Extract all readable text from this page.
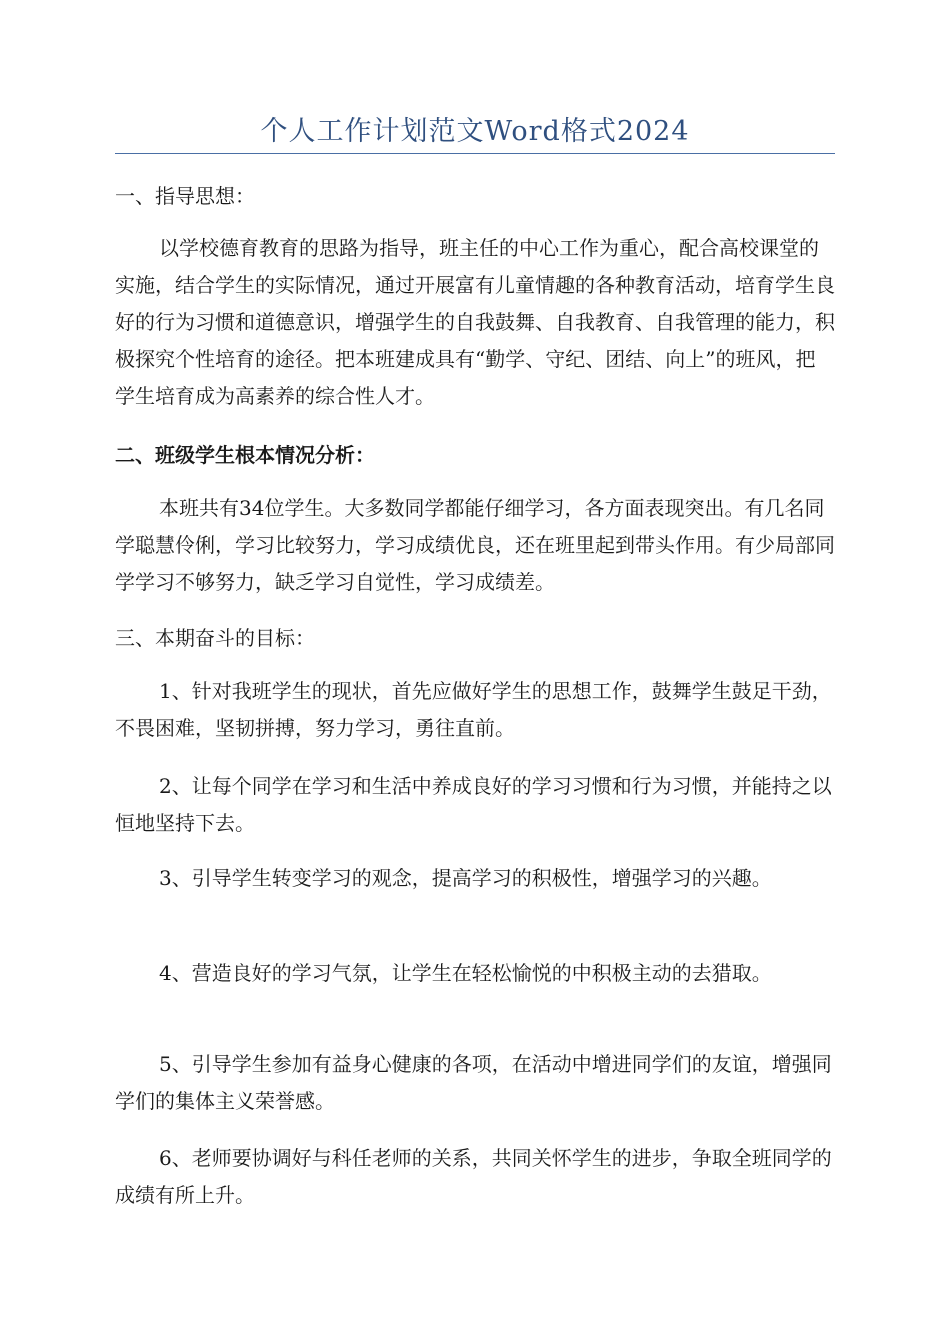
个人工作计划范文Word格式2024

一、指导思想：

以学校德育教育的思路为指导，班主任的中心工作为重心，配合高校课堂的实施，结合学生的实际情况，通过开展富有儿童情趣的各种教育活动，培育学生良好的行为习惯和道德意识，增强学生的自我鼓舞、自我教育、自我管理的能力，积极探究个性培育的途径。把本班建成具有“勤学、守纪、团结、向上”的班风，把学生培育成为高素养的综合性人才。

二、班级学生根本情况分析：

本班共有34位学生。大多数同学都能仔细学习，各方面表现突出。有几名同学聪慧伶俐，学习比较努力，学习成绩优良，还在班里起到带头作用。有少局部同学学习不够努力，缺乏学习自觉性，学习成绩差。

三、本期奋斗的目标：

1、针对我班学生的现状，首先应做好学生的思想工作，鼓舞学生鼓足干劲，不畏困难，坚韧拼搏，努力学习，勇往直前。

2、让每个同学在学习和生活中养成良好的学习习惯和行为习惯，并能持之以恒地坚持下去。

3、引导学生转变学习的观念，提高学习的积极性，增强学习的兴趣。

4、营造良好的学习气氛，让学生在轻松愉悦的中积极主动的去猎取。

5、引导学生参加有益身心健康的各项，在活动中增进同学们的友谊，增强同学们的集体主义荣誉感。

6、老师要协调好与科任老师的关系，共同关怀学生的进步，争取全班同学的成绩有所上升。
